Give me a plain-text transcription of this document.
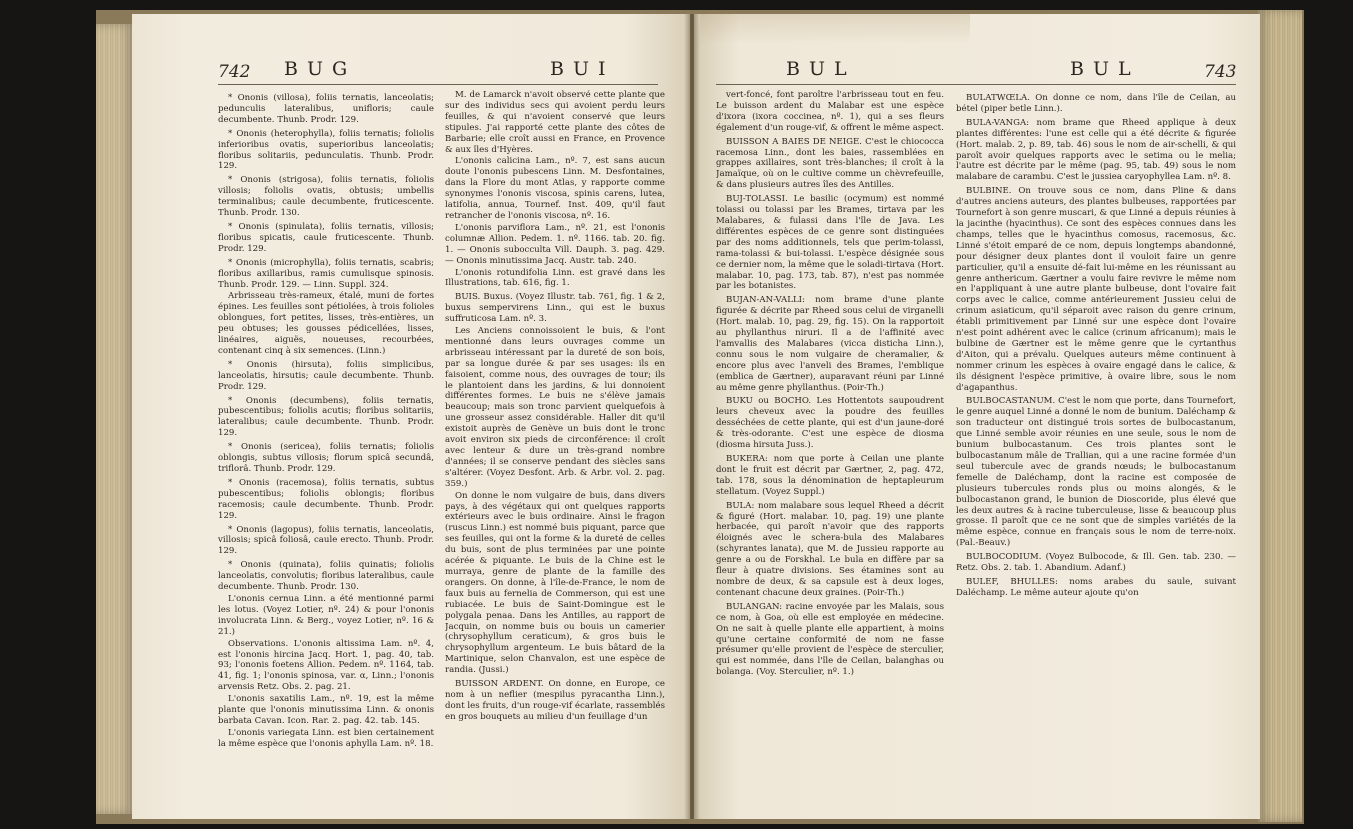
742 BUG	BUI

* Ononis (villosa), foliis ternatis, lanceolatis; pedunculis lateralibus, unifloris; caule decumbente. Thunb. Prodr. 129.

* Ononis (heterophylla), foliis ternatis; foliolis inferioribus ovatis, superioribus lanceolatis; floribus solitariis, pedunculatis. Thunb. Prodr. 129.

* Ononis (strigosa), foliis ternatis, foliolis villosis; foliolis ovatis, obtusis; umbellis terminalibus; caule decumbente, fruticescente. Thunb. Prodr. 130.

* Ononis (spinulata), foliis ternatis, villosis; floribus spicatis, caule fruticescente. Thunb. Prodr. 129.

* Ononis (microphylla), foliis ternatis, scabris; floribus axillaribus, ramis cumulisque spinosis. Thunb. Prodr. 129. — Linn. Suppl. 324.

Arbrisseau très-rameux, étalé, muni de fortes épines. Les feuilles sont pétiolées, à trois folioles oblongues, fort petites, lisses, très-entières, un peu obtuses; les gousses pédicellées, lisses, linéaires, aiguës, noueuses, recourbées, contenant cinq à six semences. (Linn.)

* Ononis (hirsuta), foliis simplicibus, lanceolatis, hirsutis; caule decumbente. Thunb. Prodr. 129.

* Ononis (decumbens), foliis ternatis, pubescentibus; foliolis acutis; floribus solitariis, lateralibus; caule decumbente. Thunb. Prodr. 129.

* Ononis (sericea), foliis ternatis; foliolis oblongis, subtus villosis; florum spicâ secundâ, triflorâ. Thunb. Prodr. 129.

* Ononis (racemosa), foliis ternatis, subtus pubescentibus; foliolis oblongis; floribus racemosis; caule decumbente. Thunb. Prodr. 129.

* Ononis (lagopus), foliis ternatis, lanceolatis, villosis; spicâ foliosâ, caule erecto. Thunb. Prodr. 129.

* Ononis (quinata), foliis quinatis; foliolis lanceolatis, convolutis; floribus lateralibus, caule decumbente. Thunb. Prodr. 130.

L'ononis cernua Linn. a été mentionné parmi les lotus. (Voyez Lotier, nº. 24) & pour l'ononis involucrata Linn. & Berg., voyez Lotier, nº. 16 & 21.)

Observations. L'ononis altissima Lam. nº. 4, est l'ononis hircina Jacq. Hort. 1, pag. 40, tab. 93; l'ononis foetens Allion. Pedem. nº. 1164, tab. 41, fig. 1; l'ononis spinosa, var. α, Linn.; l'ononis arvensis Retz. Obs. 2. pag. 21.

L'ononis saxatilis Lam., nº. 19, est la même plante que l'ononis minutissima Linn. & ononis barbata Cavan. Icon. Rar. 2. pag. 42. tab. 145.

L'ononis variegata Linn. est bien certainement la même espèce que l'ononis aphylla Lam. nº. 18.

M. de Lamarck n'avoit observé cette plante que sur des individus secs qui avoient perdu leurs feuilles, & qui n'avoient conservé que leurs stipules. J'ai rapporté cette plante des côtes de Barbarie; elle croît aussi en France, en Provence & aux îles d'Hyères.

L'ononis calicina Lam., nº. 7, est sans aucun doute l'ononis pubescens Linn. M. Desfontaines, dans la Flore du mont Atlas, y rapporte comme synonymes l'ononis viscosa, spinis carens, lutea, latifolia, annua, Tournef. Inst. 409, qu'il faut retrancher de l'ononis viscosa, nº. 16.

L'ononis parviflora Lam., nº. 21, est l'ononis columnæ Allion. Pedem. 1. nº. 1166. tab. 20. fig. 1. — Ononis subocculta Vill. Dauph. 3. pag. 429. — Ononis minutissima Jacq. Austr. tab. 240.

L'ononis rotundifolia Linn. est gravé dans les Illustrations, tab. 616, fig. 1.

BUIS. Buxus. (Voyez Illustr. tab. 761, fig. 1 & 2, buxus sempervirens Linn., qui est le buxus suffruticosa Lam. nº. 3.

Les Anciens connoissoient le buis, & l'ont mentionné dans leurs ouvrages comme un arbrisseau intéressant par la dureté de son bois, par sa longue durée & par ses usages: ils en faisoient, comme nous, des ouvrages de tour; ils le plantoient dans les jardins, & lui donnoient différentes formes. Le buis ne s'élève jamais beaucoup; mais son tronc parvient quelquefois à une grosseur assez considérable. Haller dit qu'il existoit auprès de Genève un buis dont le tronc avoit environ six pieds de circonférence: il croît avec lenteur & dure un très-grand nombre d'années; il se conserve pendant des siècles sans s'altérer. (Voyez Desfont. Arb. & Arbr. vol. 2. pag. 359.)

On donne le nom vulgaire de buis, dans divers pays, à des végétaux qui ont quelques rapports extérieurs avec le buis ordinaire. Ainsi le fragon (ruscus Linn.) est nommé buis piquant, parce que ses feuilles, qui ont la forme & la dureté de celles du buis, sont de plus terminées par une pointe acérée & piquante. Le buis de la Chine est le murraya, genre de plante de la famille des orangers. On donne, à l'île-de-France, le nom de faux buis au fernelia de Commerson, qui est une rubiacée. Le buis de Saint-Domingue est le polygala penaa. Dans les Antilles, au rapport de Jacquin, on nomme buis ou bouis un camerier (chrysophyllum ceraticum), & gros buis le chrysophyllum argenteum. Le buis bâtard de la Martinique, selon Chanvalon, est une espèce de randia. (Jussi.)

BUISSON ARDENT. On donne, en Europe, ce nom à un neflier (mespilus pyracantha Linn.), dont les fruits, d'un rouge-vif écarlate, rassemblés en gros bouquets au milieu d'un feuillage d'un

BUL	BUL	743

vert-foncé, font paroître l'arbrisseau tout en feu. Le buisson ardent du Malabar est une espèce d'ixora (ixora coccinea, nº. 1), qui a ses fleurs également d'un rouge-vif, & offrent le même aspect.

BUISSON A BAIES DE NEIGE. C'est le chiococca racemosa Linn., dont les baies, rassemblées en grappes axillaires, sont très-blanches; il croît à la Jamaïque, où on le cultive comme un chèvrefeuille, & dans plusieurs autres îles des Antilles.

BUJ-TOLASSI. Le basilic (ocymum) est nommé tolassi ou tolassi par les Brames, tirtava par les Malabares, & fulassi dans l'île de Java. Les différentes espèces de ce genre sont distinguées par des noms additionnels, tels que perim-tolassi, rama-tolassi & bui-tolassi. L'espèce désignée sous ce dernier nom, la même que le soladi-tirtava (Hort. malabar. 10, pag. 173, tab. 87), n'est pas nommée par les botanistes.

BUJAN-AN-VALLI: nom brame d'une plante figurée & décrite par Rheed sous celui de virganelli (Hort. malab. 10, pag. 29, fig. 15). On la rapportoit au phyllanthus niruri. Il a de l'affinité avec l'amvallis des Malabares (vicca disticha Linn.), connu sous le nom vulgaire de cheramalier, & encore plus avec l'anveli des Brames, l'emblique (emblica de Gærtner), auparavant réuni par Linné au même genre phyllanthus. (Poir-Th.)

BUKU ou BOCHO. Les Hottentots saupoudrent leurs cheveux avec la poudre des feuilles desséchées de cette plante, qui est d'un jaune-doré & très-odorante. C'est une espèce de diosma (diosma hirsuta Juss.).

BUKERA: nom que porte à Ceilan une plante dont le fruit est décrit par Gærtner, 2, pag. 472, tab. 178, sous la dénomination de heptapleurum stellatum. (Voyez Suppl.)

BULA: nom malabare sous lequel Rheed a décrit & figuré (Hort. malabar. 10, pag. 19) une plante herbacée, qui paroît n'avoir que des rapports éloignés avec le schera-bula des Malabares (schyrantes lanata), que M. de Jussieu rapporte au genre a ou de Forskhal. Le bula en diffère par sa fleur à quatre divisions. Ses étamines sont au nombre de deux, & sa capsule est à deux loges, contenant chacune deux graines. (Poir-Th.)

BULANGAN: racine envoyée par les Malais, sous ce nom, à Goa, où elle est employée en médecine. On ne sait à quelle plante elle appartient, à moins qu'une certaine conformité de nom ne fasse présumer qu'elle provient de l'espèce de sterculier, qui est nommée, dans l'île de Ceilan, balanghas ou bolanga. (Voy. Sterculier, nº. 1.)

BULATWŒLA. On donne ce nom, dans l'île de Ceilan, au bétel (piper betle Linn.).

BULA-VANGA: nom brame que Rheed applique à deux plantes différentes: l'une est celle qui a été décrite & figurée (Hort. malab. 2, p. 89, tab. 46) sous le nom de air-schelli, & qui paroît avoir quelques rapports avec le setima ou le melia; l'autre est décrite par le même (pag. 95, tab. 49) sous le nom malabare de carambu. C'est le jussiea caryophyllea Lam. nº. 8.

BULBINE. On trouve sous ce nom, dans Pline & dans d'autres anciens auteurs, des plantes bulbeuses, rapportées par Tournefort à son genre muscari, & que Linné a depuis réunies à la jacinthe (hyacinthus). Ce sont des espèces connues dans les champs, telles que le hyacinthus comosus, racemosus, &c. Linné s'étoit emparé de ce nom, depuis longtemps abandonné, pour désigner deux plantes dont il vouloit faire un genre particulier, qu'il a ensuite dé-fait lui-même en les réunissant au genre anthericum. Gærtner a voulu faire revivre le même nom en l'appliquant à une autre plante bulbeuse, dont l'ovaire fait corps avec le calice, comme antérieurement Jussieu celui de crinum asiaticum, qu'il séparoit avec raison du genre crinum, établi primitivement par Linné sur une espèce dont l'ovaire n'est point adhérent avec le calice (crinum africanum); mais le bulbine de Gærtner est le même genre que le cyrtanthus d'Aiton, qui a prévalu. Quelques auteurs même continuent à nommer crinum les espèces à ovaire engagé dans le calice, & ils désignent l'espèce primitive, à ovaire libre, sous le nom d'agapanthus.

BULBOCASTANUM. C'est le nom que porte, dans Tournefort, le genre auquel Linné a donné le nom de bunium. Daléchamp & son traducteur ont distingué trois sortes de bulbocastanum, que Linné semble avoir réunies en une seule, sous le nom de bunium bulbocastanum. Ces trois plantes sont le bulbocastanum mâle de Trallian, qui a une racine formée d'un seul tubercule avec de grands nœuds; le bulbocastanum femelle de Daléchamp, dont la racine est composée de plusieurs tubercules ronds plus ou moins alongés, & le bulbocastanon grand, le bunion de Dioscoride, plus élevé que les deux autres & à racine tuberculeuse, lisse & beaucoup plus grosse. Il paroît que ce ne sont que de simples variétés de la même espèce, connue en français sous le nom de terre-noix. (Pal.-Beauv.)

BULBOCODIUM. (Voyez Bulbocode, & Ill. Gen. tab. 230. — Retz. Obs. 2. tab. 1. Abandium. Adanf.)

BULEF, BHULLES: noms arabes du saule, suivant Daléchamp. Le même auteur ajoute qu'on
